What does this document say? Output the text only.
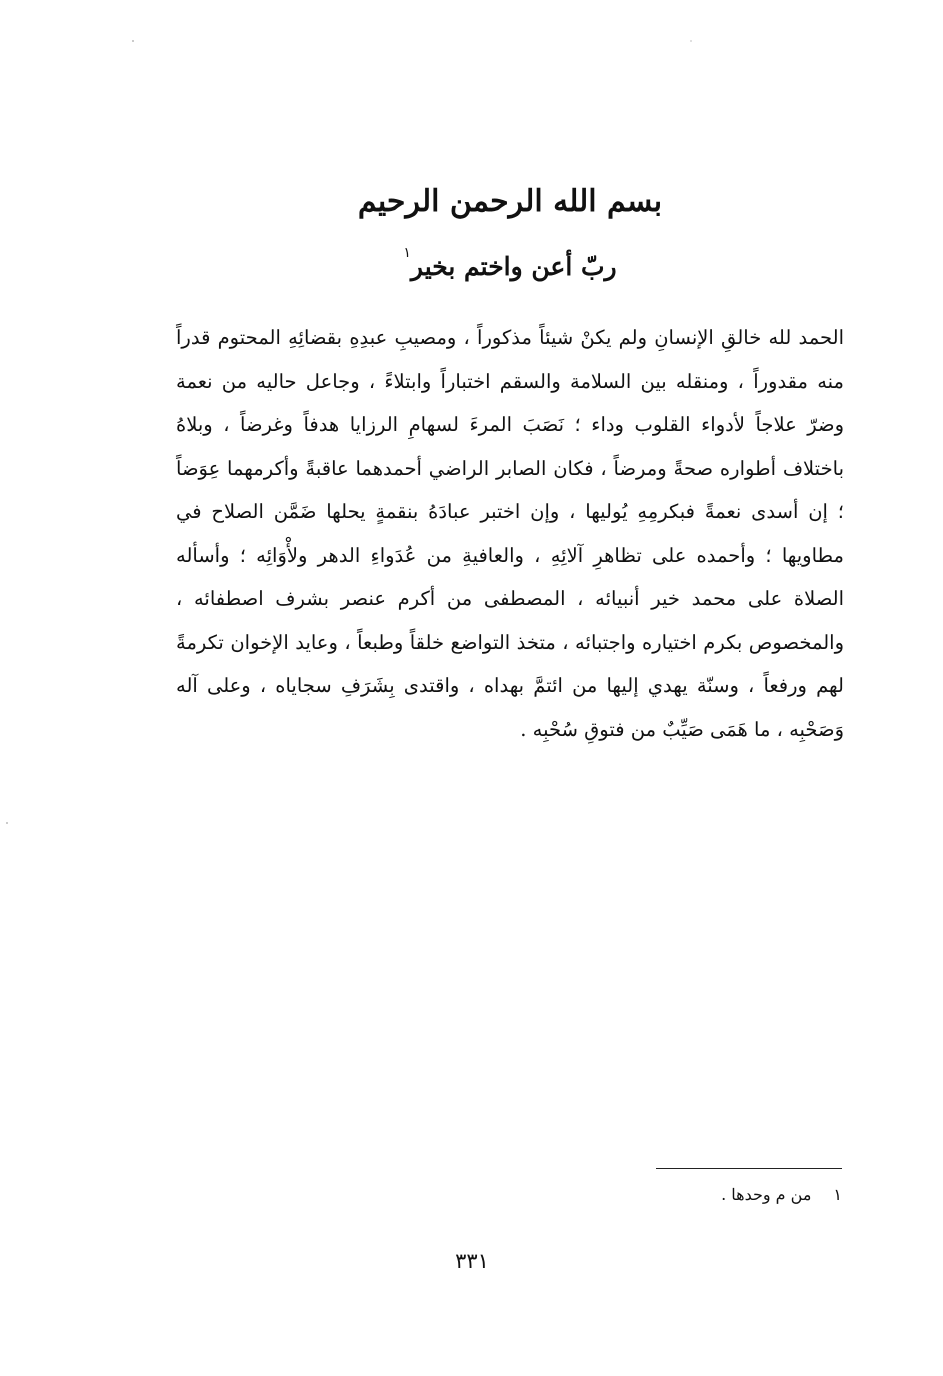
بسم الله الرحمن الرحيم
ربّ أعن واختم بخير$^١$
الحمد لله خالقِ الإنسانِ ولم يكنْ شيئاً مذكوراً ، ومصيبِ عبدِهِ بقضائِهِ المحتوم قدراً منه مقدوراً ، ومنقله بين السلامة والسقم اختباراً وابتلاءً ، وجاعل حاليه من نعمة وضرّ علاجاً لأدواء القلوب وداء ؛ نَصَبَ المرءَ لسهامِ الرزايا هدفاً وغرضاً ، وبلاهُ باختلاف أطواره صحةً ومرضاً ، فكان الصابر الراضي أحمدهما عاقبةً وأكرمهما عِوَضاً ؛ إن أسدى نعمةً فبكرمِهِ يُوليها ، وإن اختبر عبادَهُ بنقمةٍ يحلها ضَمَّن الصلاح في مطاويها ؛ وأحمده على تظاهرِ آلائِهِ ، والعافيةِ من عُدَواءِ الدهر ولأْوَائِه ؛ وأسأله الصلاة على محمد خير أنبيائه ، المصطفى من أكرم عنصر بشرف اصطفائه ، والمخصوص بكرم اختياره واجتبائه ، متخذ التواضع خلقاً وطبعاً ، وعايد الإخوان تكرمةً لهم ورفعاً ، وسنّة يهدي إليها من ائتمَّ بهداه ، واقتدى بِشَرَفِ سجاياه ، وعلى آله وَصَحْبِه ، ما هَمَى صَيِّبٌ من فتوقِ سُحْبِه .
١من م وحدها .
٣٣١
